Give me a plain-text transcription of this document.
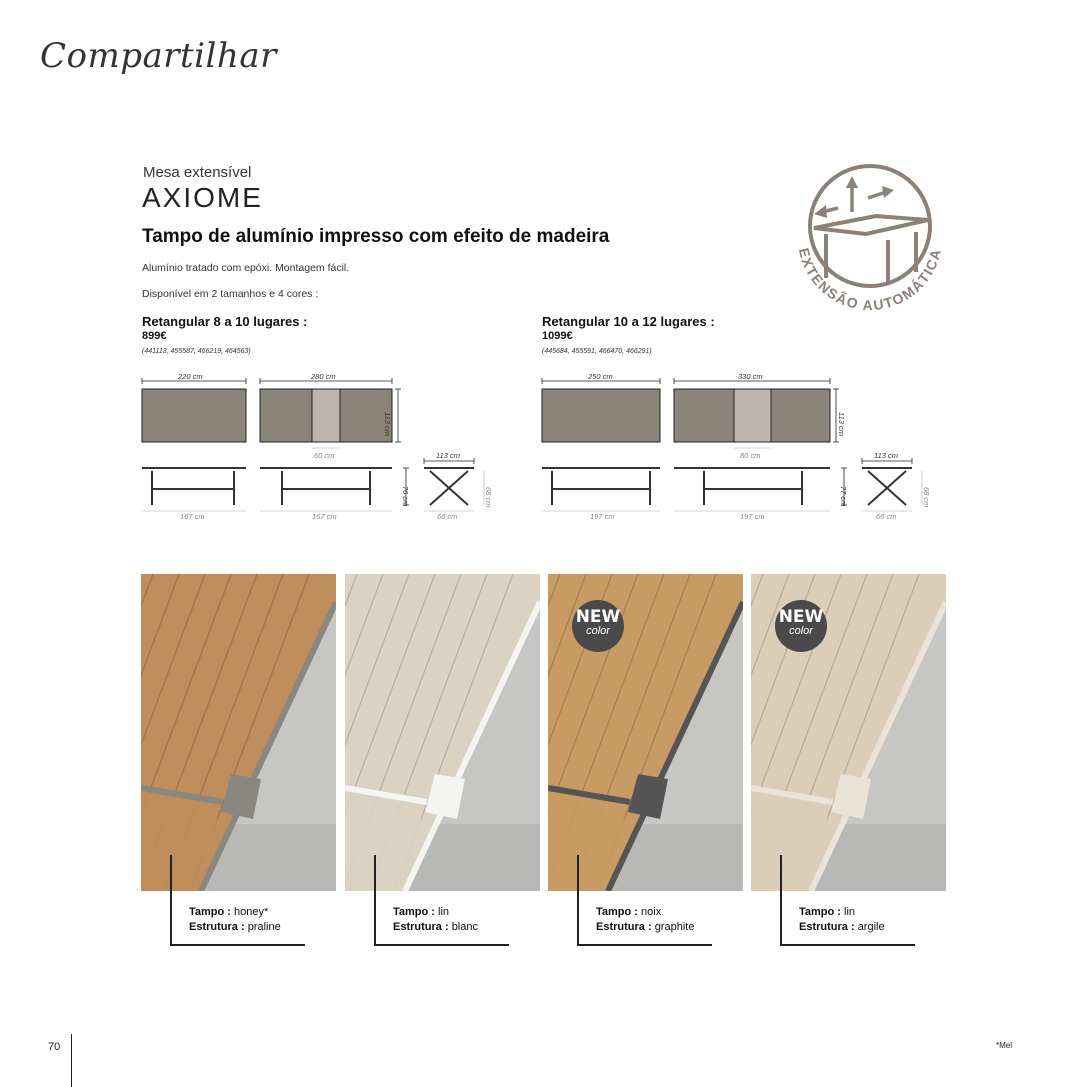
Compartilhar
Mesa extensível
AXIOME
Tampo de alumínio impresso com efeito de madeira
Alumínio tratado com epóxi. Montagem fácil.
Disponível em 2 tamanhos e 4 cores :
EXTENSÃO AUTOMÁTICA
Retangular 8 a 10 lugares :
899€
(441113, 455587, 466219, 464563)
Retangular 10 a 12 lugares :
1099€
(445684, 455591, 466470, 466291)
220 cm	280 cm
113 cm
60 cm
76 cm
113 cm
68 cm
167 cm	167 cm	66 cm
250 cm	330 cm
113 cm
80 cm
77 cm
113 cm
68 cm
197 cm	197 cm	66 cm
Tampo : honey*
Estrutura : praline
Tampo : lin
Estrutura : blanc
NEW
color
Tampo : noix
Estrutura : graphite
NEW
color
Tampo : lin
Estrutura : argile
70	*Mel
